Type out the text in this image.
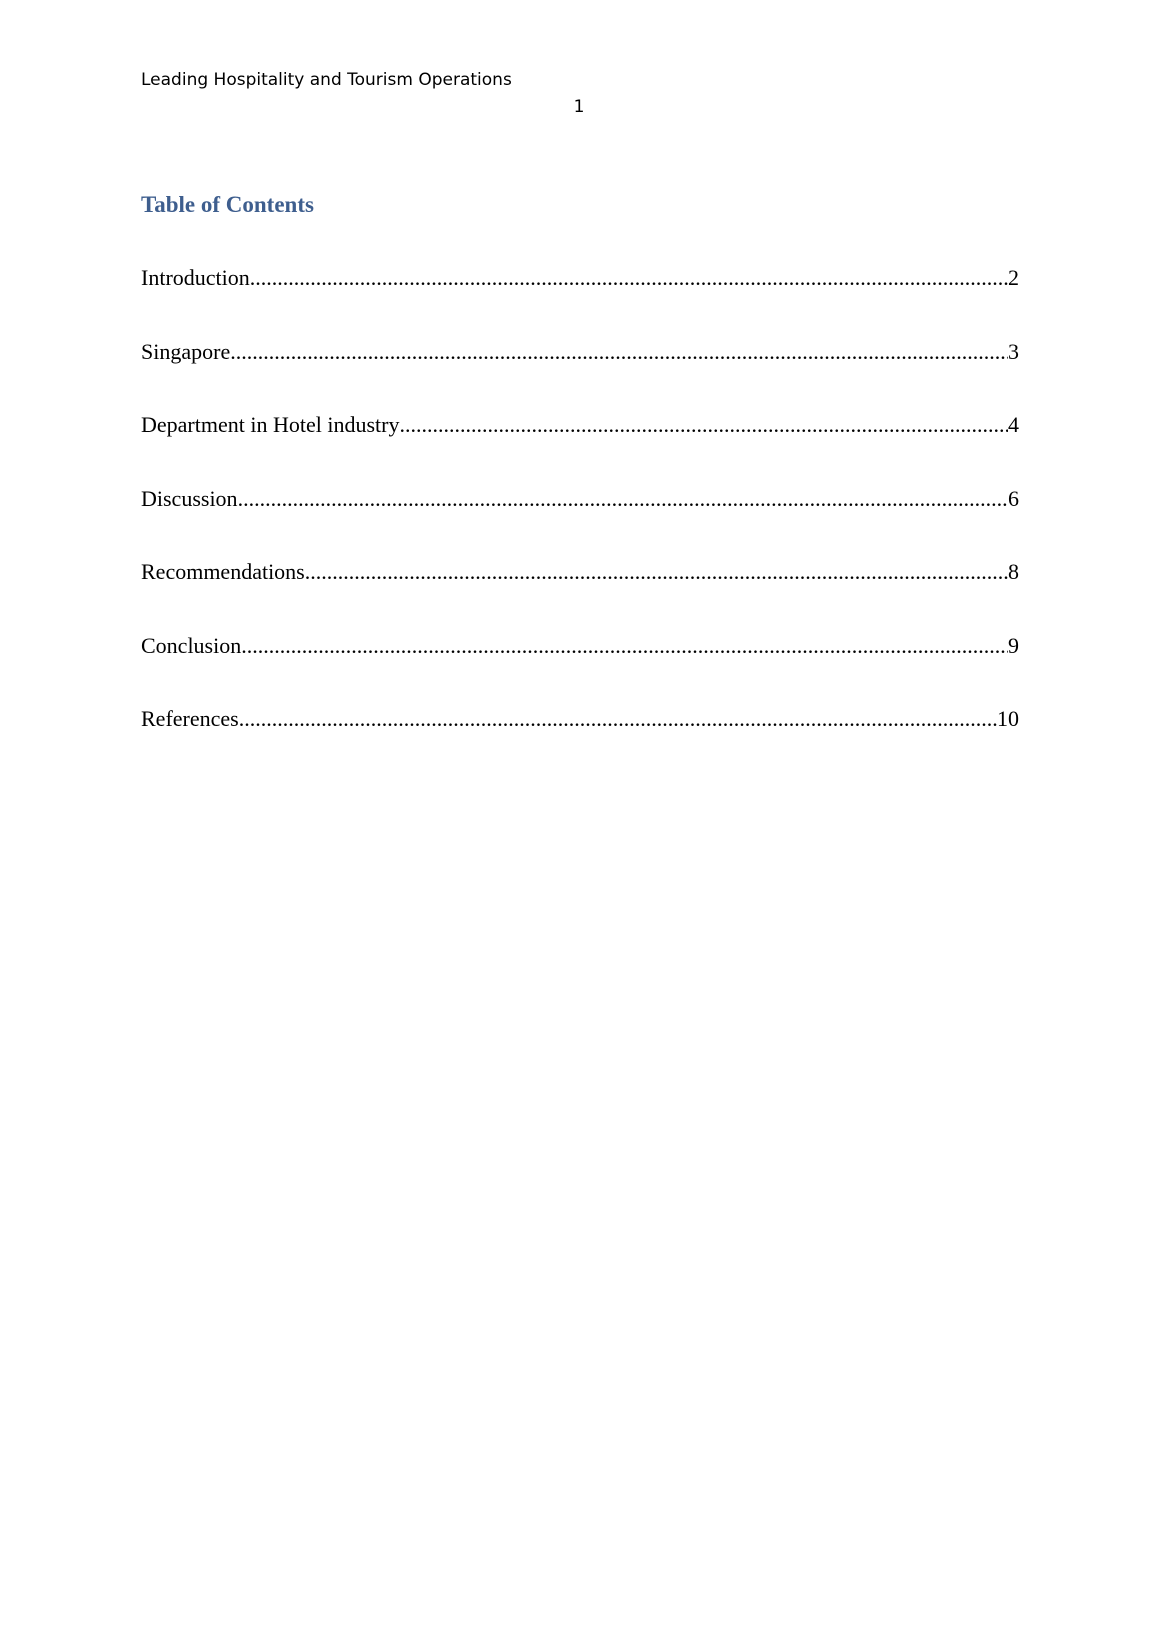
Leading Hospitality and Tourism Operations
1
Table of Contents
Introduction .....	2
Singapore .....	3
Department in Hotel industry .....	4
Discussion .....	6
Recommendations .....	8
Conclusion .....	9
References .....	10
